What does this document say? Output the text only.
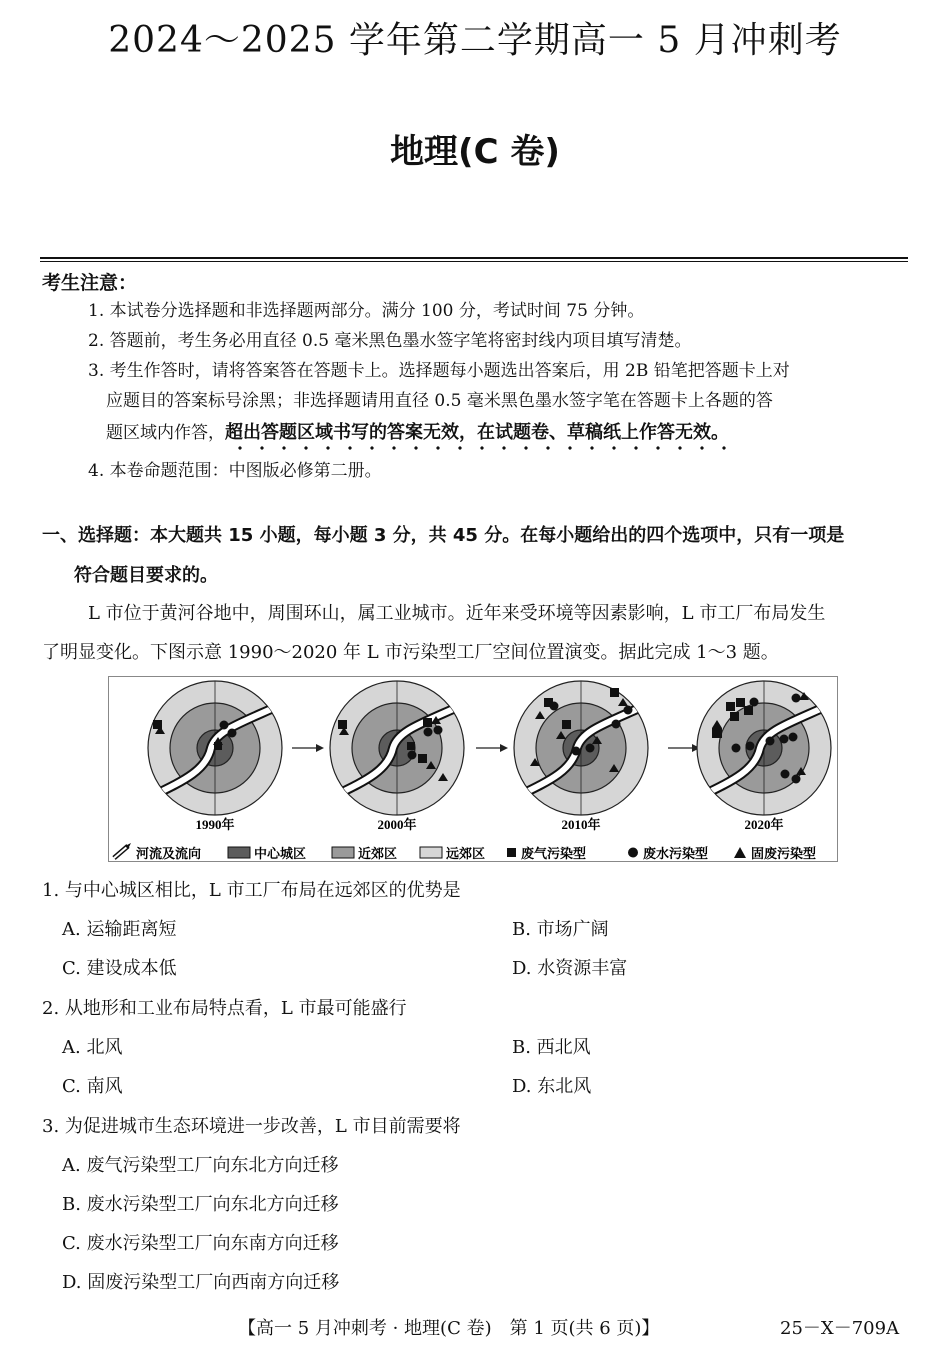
2024～2025 学年第二学期高一 5 月冲刺考
地理(C 卷)
考生注意：
1. 本试卷分选择题和非选择题两部分。满分 100 分，考试时间 75 分钟。
2. 答题前，考生务必用直径 0.5 毫米黑色墨水签字笔将密封线内项目填写清楚。
3. 考生作答时，请将答案答在答题卡上。选择题每小题选出答案后，用 2B 铅笔把答题卡上对
应题目的答案标号涂黑；非选择题请用直径 0.5 毫米黑色墨水签字笔在答题卡上各题的答
题区域内作答，超出答题区域书写的答案无效，在试题卷、草稿纸上作答无效。
4. 本卷命题范围：中图版必修第二册。
一、选择题：本大题共 15 小题，每小题 3 分，共 45 分。在每小题给出的四个选项中，只有一项是
符合题目要求的。
L 市位于黄河谷地中，周围环山，属工业城市。近年来受环境等因素影响，L 市工厂布局发生
了明显变化。下图示意 1990～2020 年 L 市污染型工厂空间位置演变。据此完成 1～3 题。
1990年	2000年	2010年	2020年
河流及流向	中心城区	近郊区	远郊区	废气污染型	废水污染型	固废污染型
1. 与中心城区相比，L 市工厂布局在远郊区的优势是
A. 运输距离短	B. 市场广阔
C. 建设成本低	D. 水资源丰富
2. 从地形和工业布局特点看，L 市最可能盛行
A. 北风	B. 西北风
C. 南风	D. 东北风
3. 为促进城市生态环境进一步改善，L 市目前需要将
A. 废气污染型工厂向东北方向迁移
B. 废水污染型工厂向东北方向迁移
C. 废水污染型工厂向东南方向迁移
D. 固废污染型工厂向西南方向迁移
【高一 5 月冲刺考 · 地理(C 卷)　第 1 页(共 6 页)】	25－X－709A
